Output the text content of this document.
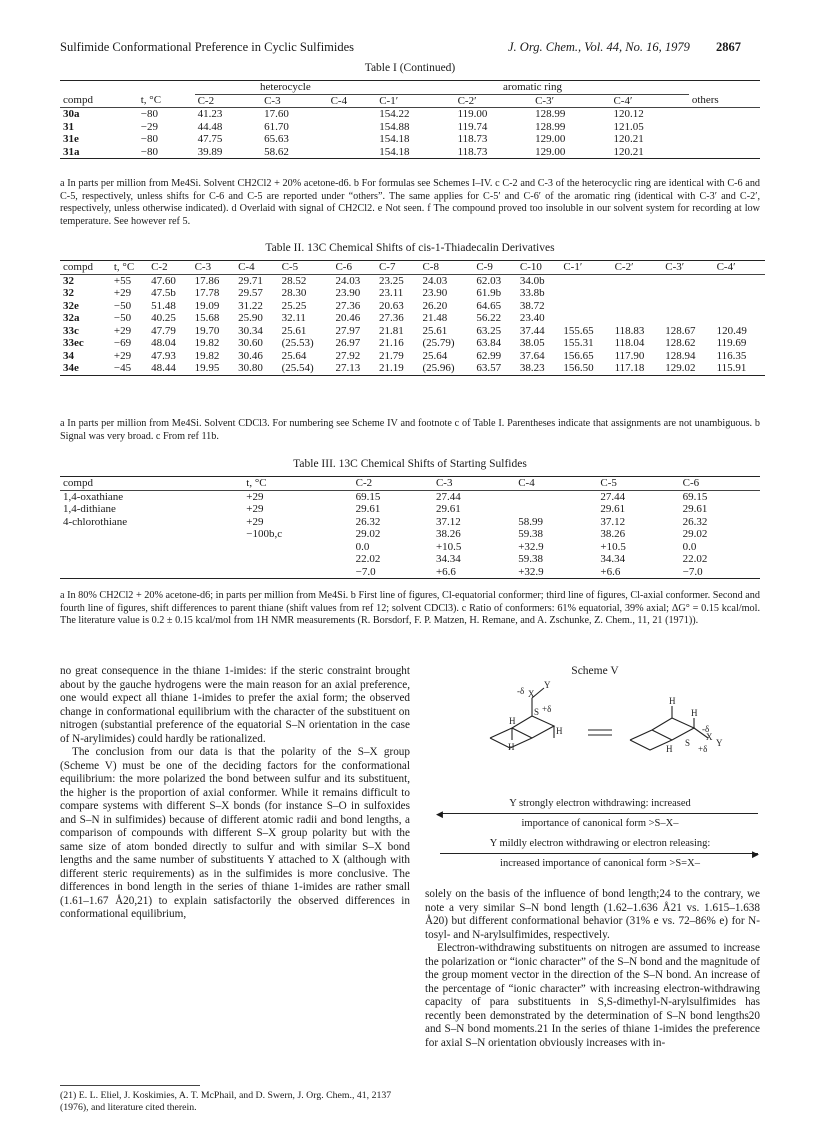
Sulfimide Conformational Preference in Cyclic Sulfimides	J. Org. Chem., Vol. 44, No. 16, 1979 2867
Table I (Continued)
		heterocycle			aromatic ring				
compd	t, °C	C-2	C-3	C-4	C-1′	C-2′	C-3′	C-4′	others
30a	−80	41.23	17.60		154.22	119.00	128.99	120.12	
31	−29	44.48	61.70		154.88	119.74	128.99	121.05	
31e	−80	47.75	65.63		154.18	118.73	129.00	120.21	
31a	−80	39.89	58.62		154.18	118.73	129.00	120.21	
a In parts per million from Me4Si. Solvent CH2Cl2 + 20% acetone-d6. b For formulas see Schemes I–IV. c C-2 and C-3 of the heterocyclic ring are identical with C-6 and C-5, respectively, unless shifts for C-6 and C-5 are reported under “others”. The same applies for C-5′ and C-6′ of the aromatic ring (identical with C-3′ and C-2′, respectively, unless otherwise indicated). d Overlaid with signal of CH2Cl2. e Not seen. f The compound proved too insoluble in our solvent system for recording at low temperature. See however ref 5.
Table II. 13C Chemical Shifts of cis-1-Thiadecalin Derivatives
compd	t, °C	C-2	C-3	C-4	C-5	C-6	C-7	C-8	C-9	C-10	C-1′	C-2′	C-3′	C-4′
32	+55	47.60	17.86	29.71	28.52	24.03	23.25	24.03	62.03	34.0b				
32	+29	47.5b	17.78	29.57	28.30	23.90	23.11	23.90	61.9b	33.8b				
32e	−50	51.48	19.09	31.22	25.25	27.36	20.63	26.20	64.65	38.72				
32a	−50	40.25	15.68	25.90	32.11	20.46	27.36	21.48	56.22	23.40				
33c	+29	47.79	19.70	30.34	25.61	27.97	21.81	25.61	63.25	37.44	155.65	118.83	128.67	120.49
33ec	−69	48.04	19.82	30.60	(25.53)	26.97	21.16	(25.79)	63.84	38.05	155.31	118.04	128.62	119.69
34	+29	47.93	19.82	30.46	25.64	27.92	21.79	25.64	62.99	37.64	156.65	117.90	128.94	116.35
34e	−45	48.44	19.95	30.80	(25.54)	27.13	21.19	(25.96)	63.57	38.23	156.50	117.18	129.02	115.91
a In parts per million from Me4Si. Solvent CDCl3. For numbering see Scheme IV and footnote c of Table I. Parentheses indicate that assignments are not unambiguous. b Signal was very broad. c From ref 11b.
Table III. 13C Chemical Shifts of Starting Sulfides
compd	t, °C	C-2	C-3	C-4	C-5	C-6
1,4-oxathiane	+29	69.15	27.44		27.44	69.15
1,4-dithiane	+29	29.61	29.61		29.61	29.61
4-chlorothiane	+29	26.32	37.12	58.99	37.12	26.32
	−100b,c	29.02	38.26	59.38	38.26	29.02
		0.0	+10.5	+32.9	+10.5	0.0
		22.02	34.34	59.38	34.34	22.02
		−7.0	+6.6	+32.9	+6.6	−7.0
a In 80% CH2Cl2 + 20% acetone-d6; in parts per million from Me4Si. b First line of figures, Cl-equatorial conformer; third line of figures, Cl-axial conformer. Second and fourth line of figures, shift differences to parent thiane (shift values from ref 12; solvent CDCl3). c Ratio of conformers: 61% equatorial, 39% axial; ΔG° = 0.15 kcal/mol. The literature value is 0.2 ± 0.15 kcal/mol from 1H NMR measurements (R. Borsdorf, F. P. Matzen, H. Remane, and A. Zschunke, Z. Chem., 11, 21 (1971)).

no great consequence in the thiane 1-imides: if the steric constraint brought about by the gauche hydrogens were the main reason for an axial preference, one would expect all thiane 1-imides to prefer the axial form; the observed change in conformational equilibrium with the character of the substituent on nitrogen (substantial preference of the equatorial S–N orientation in the case of N-arylimides) could hardly be rationalized.

The conclusion from our data is that the polarity of the S–X group (Scheme V) must be one of the deciding factors for the conformational equilibrium: the more polarized the bond between sulfur and its substituent, the higher is the proportion of axial conformer. While it remains difficult to compare systems with different S–X bonds (for instance S–O in sulfoxides and S–N in sulfimides) because of different atomic radii and bond lengths, a comparison of compounds with different S–X group polarity but with the same size of atom bonded directly to sulfur and with similar S–X bond lengths and the same number of substituents Y attached to X (although with different steric requirements) as in the sulfimides is more conclusive. The differences in bond length in the series of thiane 1-imides are rather small (1.61–1.67 Å20,21) to explain satisfactorily the observed differences in conformational equilibrium,

(21) E. L. Eliel, J. Koskimies, A. T. McPhail, and D. Swern, J. Org. Chem., 41, 2137 (1976), and literature cited therein.
Scheme V
-δ X
Y
S +δ
H
H
H
H
H
S
+δ
X
Y
-δ
H
Y strongly electron withdrawing: increased
◀
importance of canonical form >S–X–
Y mildly electron withdrawing or electron releasing:
▶
increased importance of canonical form >S=X–

solely on the basis of the influence of bond length;24 to the contrary, we note a very similar S–N bond length (1.62–1.636 Å21 vs. 1.615–1.638 Å20) but different conformational behavior (31% e vs. 72–86% e) for N-tosyl- and N-arylsulfimides, respectively.

Electron-withdrawing substituents on nitrogen are assumed to increase the polarization or “ionic character” of the S–N bond and the magnitude of the group moment vector in the direction of the S–N bond. An increase of the percentage of “ionic character” with increasing electron-withdrawing capacity of para substituents in S,S-dimethyl-N-arylsulfimides has recently been demonstrated by the determination of S–N bond lengths20 and S–N bond moments.21 In the series of thiane 1-imides the preference for axial S–N orientation obviously increases with in-
